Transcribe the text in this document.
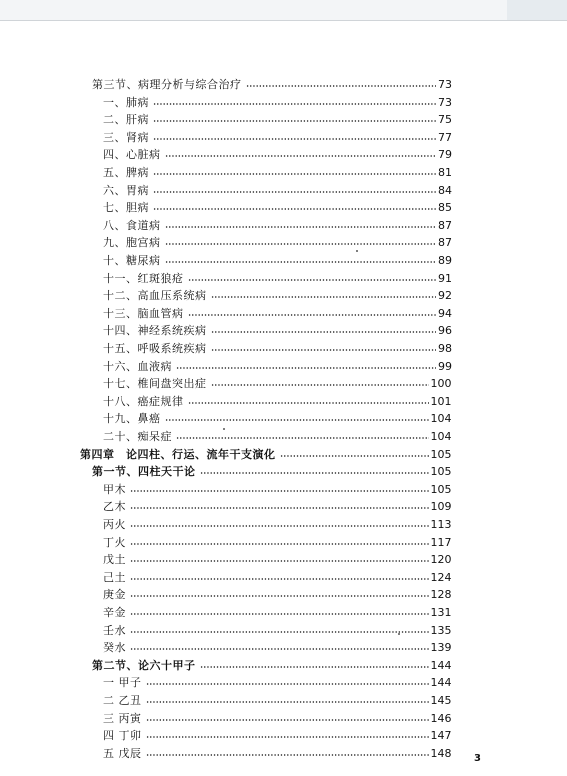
第三节、病理分析与综合治疗	73
一、肺病	73
二、肝病	75
三、肾病	77
四、心脏病	79
五、脾病	81
六、胃病	84
七、胆病	85
八、食道病	87
九、胞宫病	87
十、糖尿病	89
十一、红斑狼疮	91
十二、高血压系统病	92
十三、脑血管病	94
十四、神经系统疾病	96
十五、呼吸系统疾病	98
十六、血液病	99
十七、椎间盘突出症	100
十八、癌症规律	101
十九、鼻癌	104
二十、痴呆症	104
第四章　论四柱、行运、流年干支演化	105
第一节、四柱天干论	105
甲木	105
乙木	109
丙火	113
丁火	117
戊土	120
己土	124
庚金	128
辛金	131
壬水	135
癸水	139
第二节、论六十甲子	144
一 甲子	144
二 乙丑	145
三 丙寅	146
四 丁卯	147
五 戊辰	148 3
